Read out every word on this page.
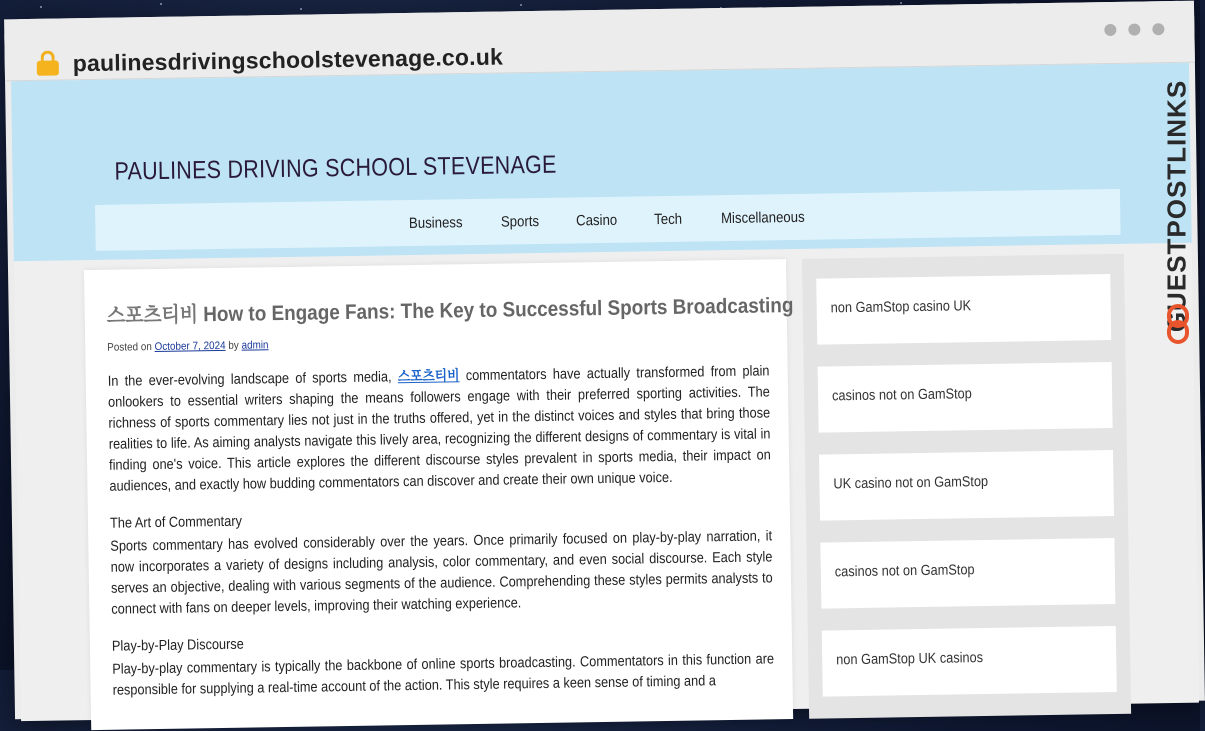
paulinesdrivingschoolstevenage.co.uk
PAULINES DRIVING SCHOOL STEVENAGE
Business	Sports Casino Tech	Miscellaneous
스포츠티비 How to Engage Fans: The Key to Successful Sports Broadcasting
Posted on October 7, 2024 by admin

In the ever-evolving landscape of sports media, 스포츠티비 commentators have actually transformed from plain onlookers to essential writers shaping the means followers engage with their preferred sporting activities. The richness of sports commentary lies not just in the truths offered, yet in the distinct voices and styles that bring those realities to life. As aiming analysts navigate this lively area, recognizing the different designs of commentary is vital in finding one's voice. This article explores the different discourse styles prevalent in sports media, their impact on audiences, and exactly how budding commentators can discover and create their own unique voice.

The Art of Commentary

Sports commentary has evolved considerably over the years. Once primarily focused on play-by-play narration, it now incorporates a variety of designs including analysis, color commentary, and even social discourse. Each style serves an objective, dealing with various segments of the audience. Comprehending these styles permits analysts to connect with fans on deeper levels, improving their watching experience.

Play-by-Play Discourse

Play-by-play commentary is typically the backbone of online sports broadcasting. Commentators in this function are responsible for supplying a real-time account of the action. This style requires a keen sense of timing and a

non GamStop casino UK
casinos not on GamStop
UK casino not on GamStop
casinos not on GamStop
non GamStop UK casinos
GUESTPOSTLINKS
